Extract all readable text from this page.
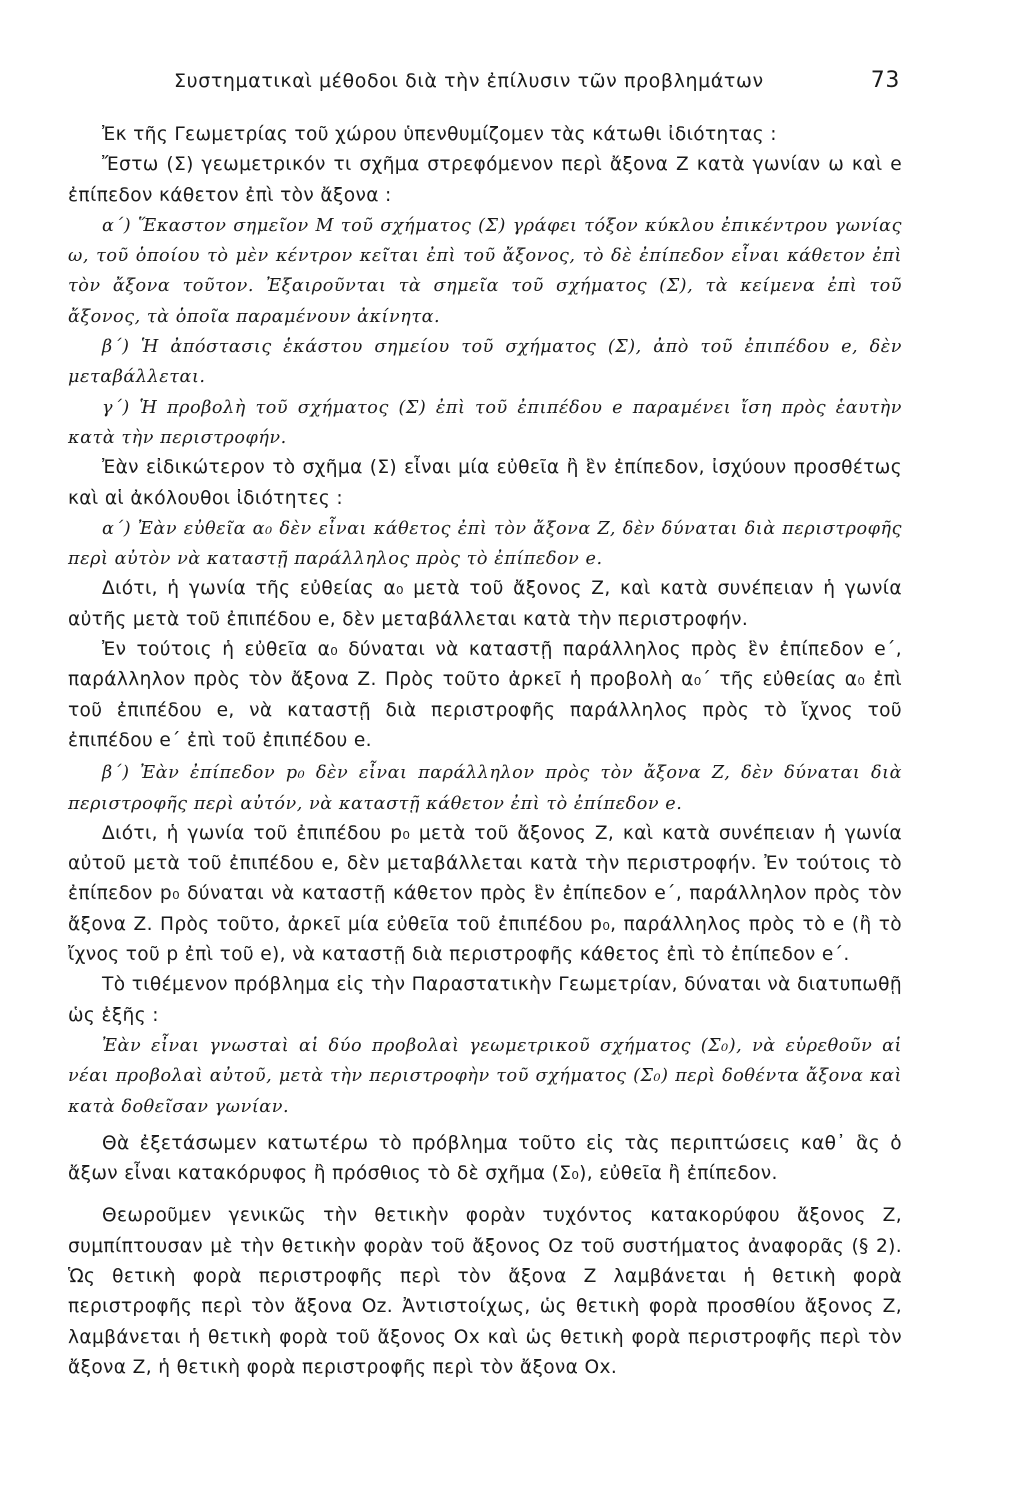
Συστηματικαὶ μέθοδοι διὰ τὴν ἐπίλυσιν τῶν προβλημάτων	73

Ἐκ τῆς Γεωμετρίας τοῦ χώρου ὑπενθυμίζομεν τὰς κάτωθι ἰδιότητας :

Ἔστω (Σ) γεωμετρικόν τι σχῆμα στρεφόμενον περὶ ἄξονα Z κατὰ γωνίαν ω καὶ e ἐπίπεδον κάθετον ἐπὶ τὸν ἄξονα :

α΄) Ἕκαστον σημεῖον M τοῦ σχήματος (Σ) γράφει τόξον κύκλου ἐπικέντρου γωνίας ω, τοῦ ὁποίου τὸ μὲν κέντρον κεῖται ἐπὶ τοῦ ἄξονος, τὸ δὲ ἐπίπεδον εἶναι κάθετον ἐπὶ τὸν ἄξονα τοῦτον. Ἐξαιροῦνται τὰ σημεῖα τοῦ σχήματος (Σ), τὰ κείμενα ἐπὶ τοῦ ἄξονος, τὰ ὁποῖα παραμένουν ἀκίνητα.

β΄) Ἡ ἀπόστασις ἑκάστου σημείου τοῦ σχήματος (Σ), ἀπὸ τοῦ ἐπιπέδου e, δὲν μεταβάλλεται.

γ΄) Ἡ προβολὴ τοῦ σχήματος (Σ) ἐπὶ τοῦ ἐπιπέδου e παραμένει ἴση πρὸς ἑαυτὴν κατὰ τὴν περιστροφήν.

Ἐὰν εἰδικώτερον τὸ σχῆμα (Σ) εἶναι μία εὐθεῖα ἢ ἓν ἐπίπεδον, ἰσχύουν προσθέτως καὶ αἱ ἀκόλουθοι ἰδιότητες :

α΄) Ἐὰν εὐθεῖα α₀ δὲν εἶναι κάθετος ἐπὶ τὸν ἄξονα Z, δὲν δύναται διὰ περιστροφῆς περὶ αὐτὸν νὰ καταστῇ παράλληλος πρὸς τὸ ἐπίπεδον e.

Διότι, ἡ γωνία τῆς εὐθείας α₀ μετὰ τοῦ ἄξονος Z, καὶ κατὰ συνέπειαν ἡ γωνία αὐτῆς μετὰ τοῦ ἐπιπέδου e, δὲν μεταβάλλεται κατὰ τὴν περιστροφήν.

Ἐν τούτοις ἡ εὐθεῖα α₀ δύναται νὰ καταστῇ παράλληλος πρὸς ἓν ἐπίπεδον e΄, παράλληλον πρὸς τὸν ἄξονα Z. Πρὸς τοῦτο ἀρκεῖ ἡ προβολὴ α₀΄ τῆς εὐθείας α₀ ἐπὶ τοῦ ἐπιπέδου e, νὰ καταστῇ διὰ περιστροφῆς παράλληλος πρὸς τὸ ἴχνος τοῦ ἐπιπέδου e΄ ἐπὶ τοῦ ἐπιπέδου e.

β΄) Ἐὰν ἐπίπεδον p₀ δὲν εἶναι παράλληλον πρὸς τὸν ἄξονα Z, δὲν δύναται διὰ περιστροφῆς περὶ αὐτόν, νὰ καταστῇ κάθετον ἐπὶ τὸ ἐπίπεδον e.

Διότι, ἡ γωνία τοῦ ἐπιπέδου p₀ μετὰ τοῦ ἄξονος Z, καὶ κατὰ συνέπειαν ἡ γωνία αὐτοῦ μετὰ τοῦ ἐπιπέδου e, δὲν μεταβάλλεται κατὰ τὴν περιστροφήν. Ἐν τούτοις τὸ ἐπίπεδον p₀ δύναται νὰ καταστῇ κάθετον πρὸς ἓν ἐπίπεδον e΄, παράλληλον πρὸς τὸν ἄξονα Z. Πρὸς τοῦτο, ἀρκεῖ μία εὐθεῖα τοῦ ἐπιπέδου p₀, παράλληλος πρὸς τὸ e (ἢ τὸ ἴχνος τοῦ p ἐπὶ τοῦ e), νὰ καταστῇ διὰ περιστροφῆς κάθετος ἐπὶ τὸ ἐπίπεδον e΄.

Τὸ τιθέμενον πρόβλημα εἰς τὴν Παραστατικὴν Γεωμετρίαν, δύναται νὰ διατυπωθῇ ὡς ἑξῆς :

Ἐὰν εἶναι γνωσταὶ αἱ δύο προβολαὶ γεωμετρικοῦ σχήματος (Σ₀), νὰ εὑρεθοῦν αἱ νέαι προβολαὶ αὐτοῦ, μετὰ τὴν περιστροφὴν τοῦ σχήματος (Σ₀) περὶ δοθέντα ἄξονα καὶ κατὰ δοθεῖσαν γωνίαν.

Θὰ ἐξετάσωμεν κατωτέρω τὸ πρόβλημα τοῦτο εἰς τὰς περιπτώσεις καθ᾿ ἃς ὁ ἄξων εἶναι κατακόρυφος ἢ πρόσθιος τὸ δὲ σχῆμα (Σ₀), εὐθεῖα ἢ ἐπίπεδον.

Θεωροῦμεν γενικῶς τὴν θετικὴν φορὰν τυχόντος κατακορύφου ἄξονος Z, συμπίπτουσαν μὲ τὴν θετικὴν φορὰν τοῦ ἄξονος Oz τοῦ συστήματος ἀναφορᾶς (§ 2). Ὡς θετικὴ φορὰ περιστροφῆς περὶ τὸν ἄξονα Z λαμβάνεται ἡ θετικὴ φορὰ περιστροφῆς περὶ τὸν ἄξονα Oz. Ἀντιστοίχως, ὡς θετικὴ φορὰ προσθίου ἄξονος Z, λαμβάνεται ἡ θετικὴ φορὰ τοῦ ἄξονος Ox καὶ ὡς θετικὴ φορὰ περιστροφῆς περὶ τὸν ἄξονα Z, ἡ θετικὴ φορὰ περιστροφῆς περὶ τὸν ἄξονα Ox.
